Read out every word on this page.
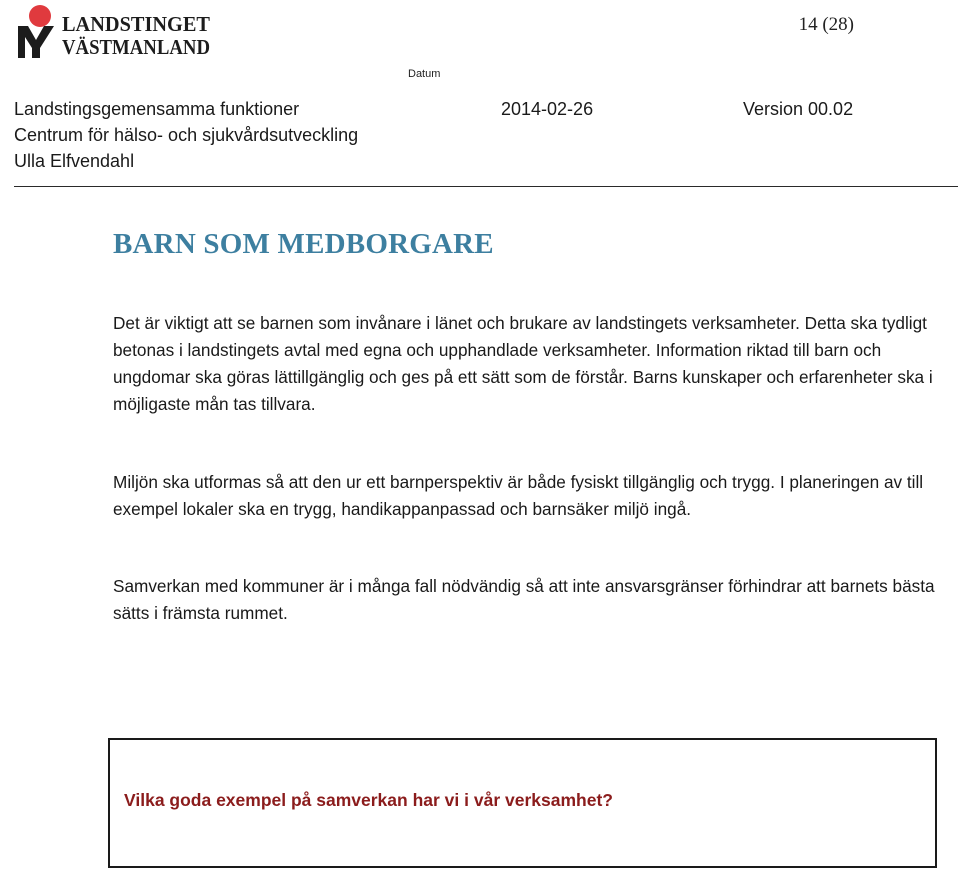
LANDSTINGET
VÄSTMANLAND
14 (28)
Datum
Landstingsgemensamma funktioner	2014-02-26	Version 00.02
Centrum för hälso- och sjukvårdsutveckling
Ulla Elfvendahl
BARN SOM MEDBORGARE

Det är viktigt att se barnen som invånare i länet och brukare av landstingets verksamheter. Detta ska tydligt betonas i landstingets avtal med egna och upphandlade verksamheter. Information riktad till barn och ungdomar ska göras lättillgänglig och ges på ett sätt som de förstår. Barns kunskaper och erfarenheter ska i möjligaste mån tas tillvara.

Miljön ska utformas så att den ur ett barnperspektiv är både fysiskt tillgänglig och trygg. I planeringen av till exempel lokaler ska en trygg, handikappanpassad och barnsäker miljö ingå.

Samverkan med kommuner är i många fall nödvändig så att inte ansvarsgränser förhindrar att barnets bästa sätts i främsta rummet.

Vilka goda exempel på samverkan har vi i vår verksamhet?
